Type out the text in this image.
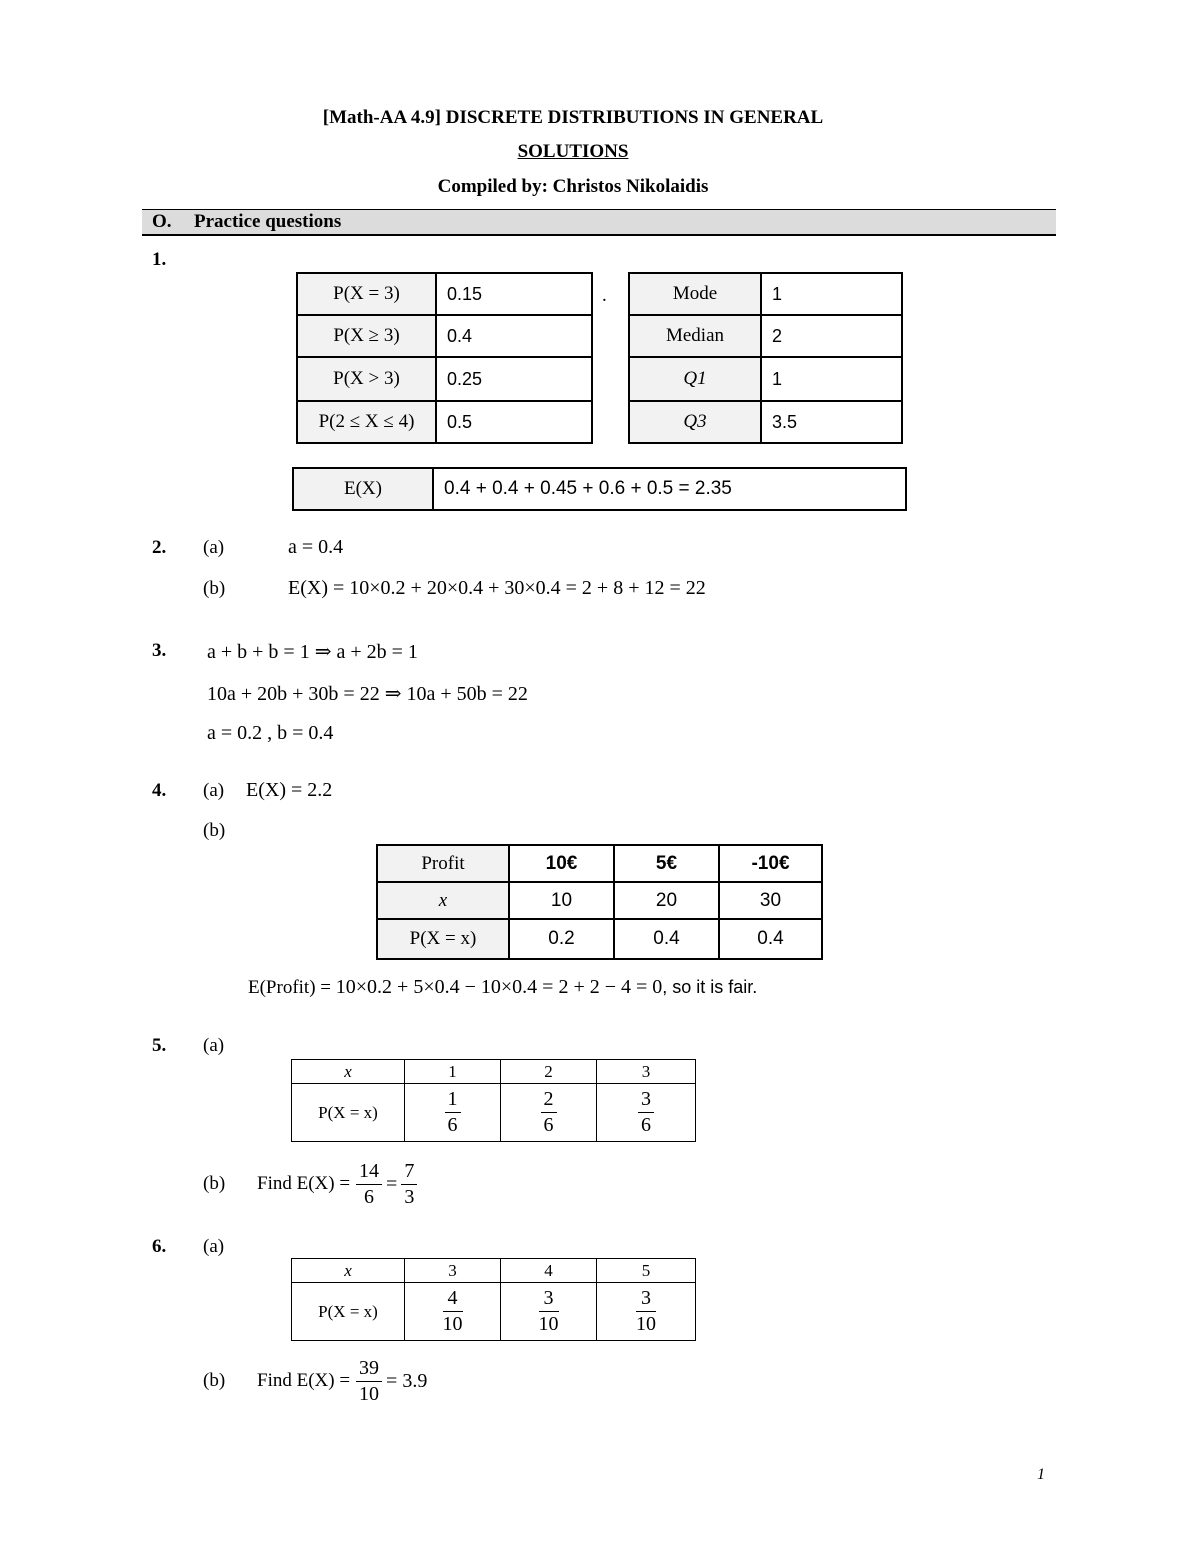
[Math-AA 4.9] DISCRETE DISTRIBUTIONS IN GENERAL
SOLUTIONS
Compiled by: Christos Nikolaidis
O. Practice questions
1.
P(X = 3)	0.15
P(X ≥ 3)	0.4
P(X > 3)	0.25
P(2 ≤ X ≤ 4)	0.5
.	Mode	1
Median	2
Q1	1
Q3	3.5
E(X)	0.4 + 0.4 + 0.45 + 0.6 + 0.5 = 2.35
2. (a)	a = 0.4
(b)	E(X) = 10×0.2 + 20×0.4 + 30×0.4 = 2 + 8 + 12 = 22
3. a + b + b = 1 ⇒ a + 2b = 1
10a + 20b + 30b = 22 ⇒ 10a + 50b = 22
a = 0.2 , b = 0.4
4. (a) E(X) = 2.2
(b)
Profit	10€	5€	-10€
x	10	20	30
P(X = x)	0.2	0.4	0.4
E(Profit) = 10×0.2 + 5×0.4 − 10×0.4 = 2 + 2 − 4 = 0, so it is fair.
5. (a)
x	1	2	3
P(X = x)	$\frac{1}{6}$	$\frac{2}{6}$	$\frac{3}{6}$
(b) Find $E(X) = \frac{14}{6} = \frac{7}{3}$
6. (a)
x	3	4	5
P(X = x)	$\frac{4}{10}$	$\frac{3}{10}$	$\frac{3}{10}$
(b) Find $E(X) = \frac{39}{10} = 3.9$
1
